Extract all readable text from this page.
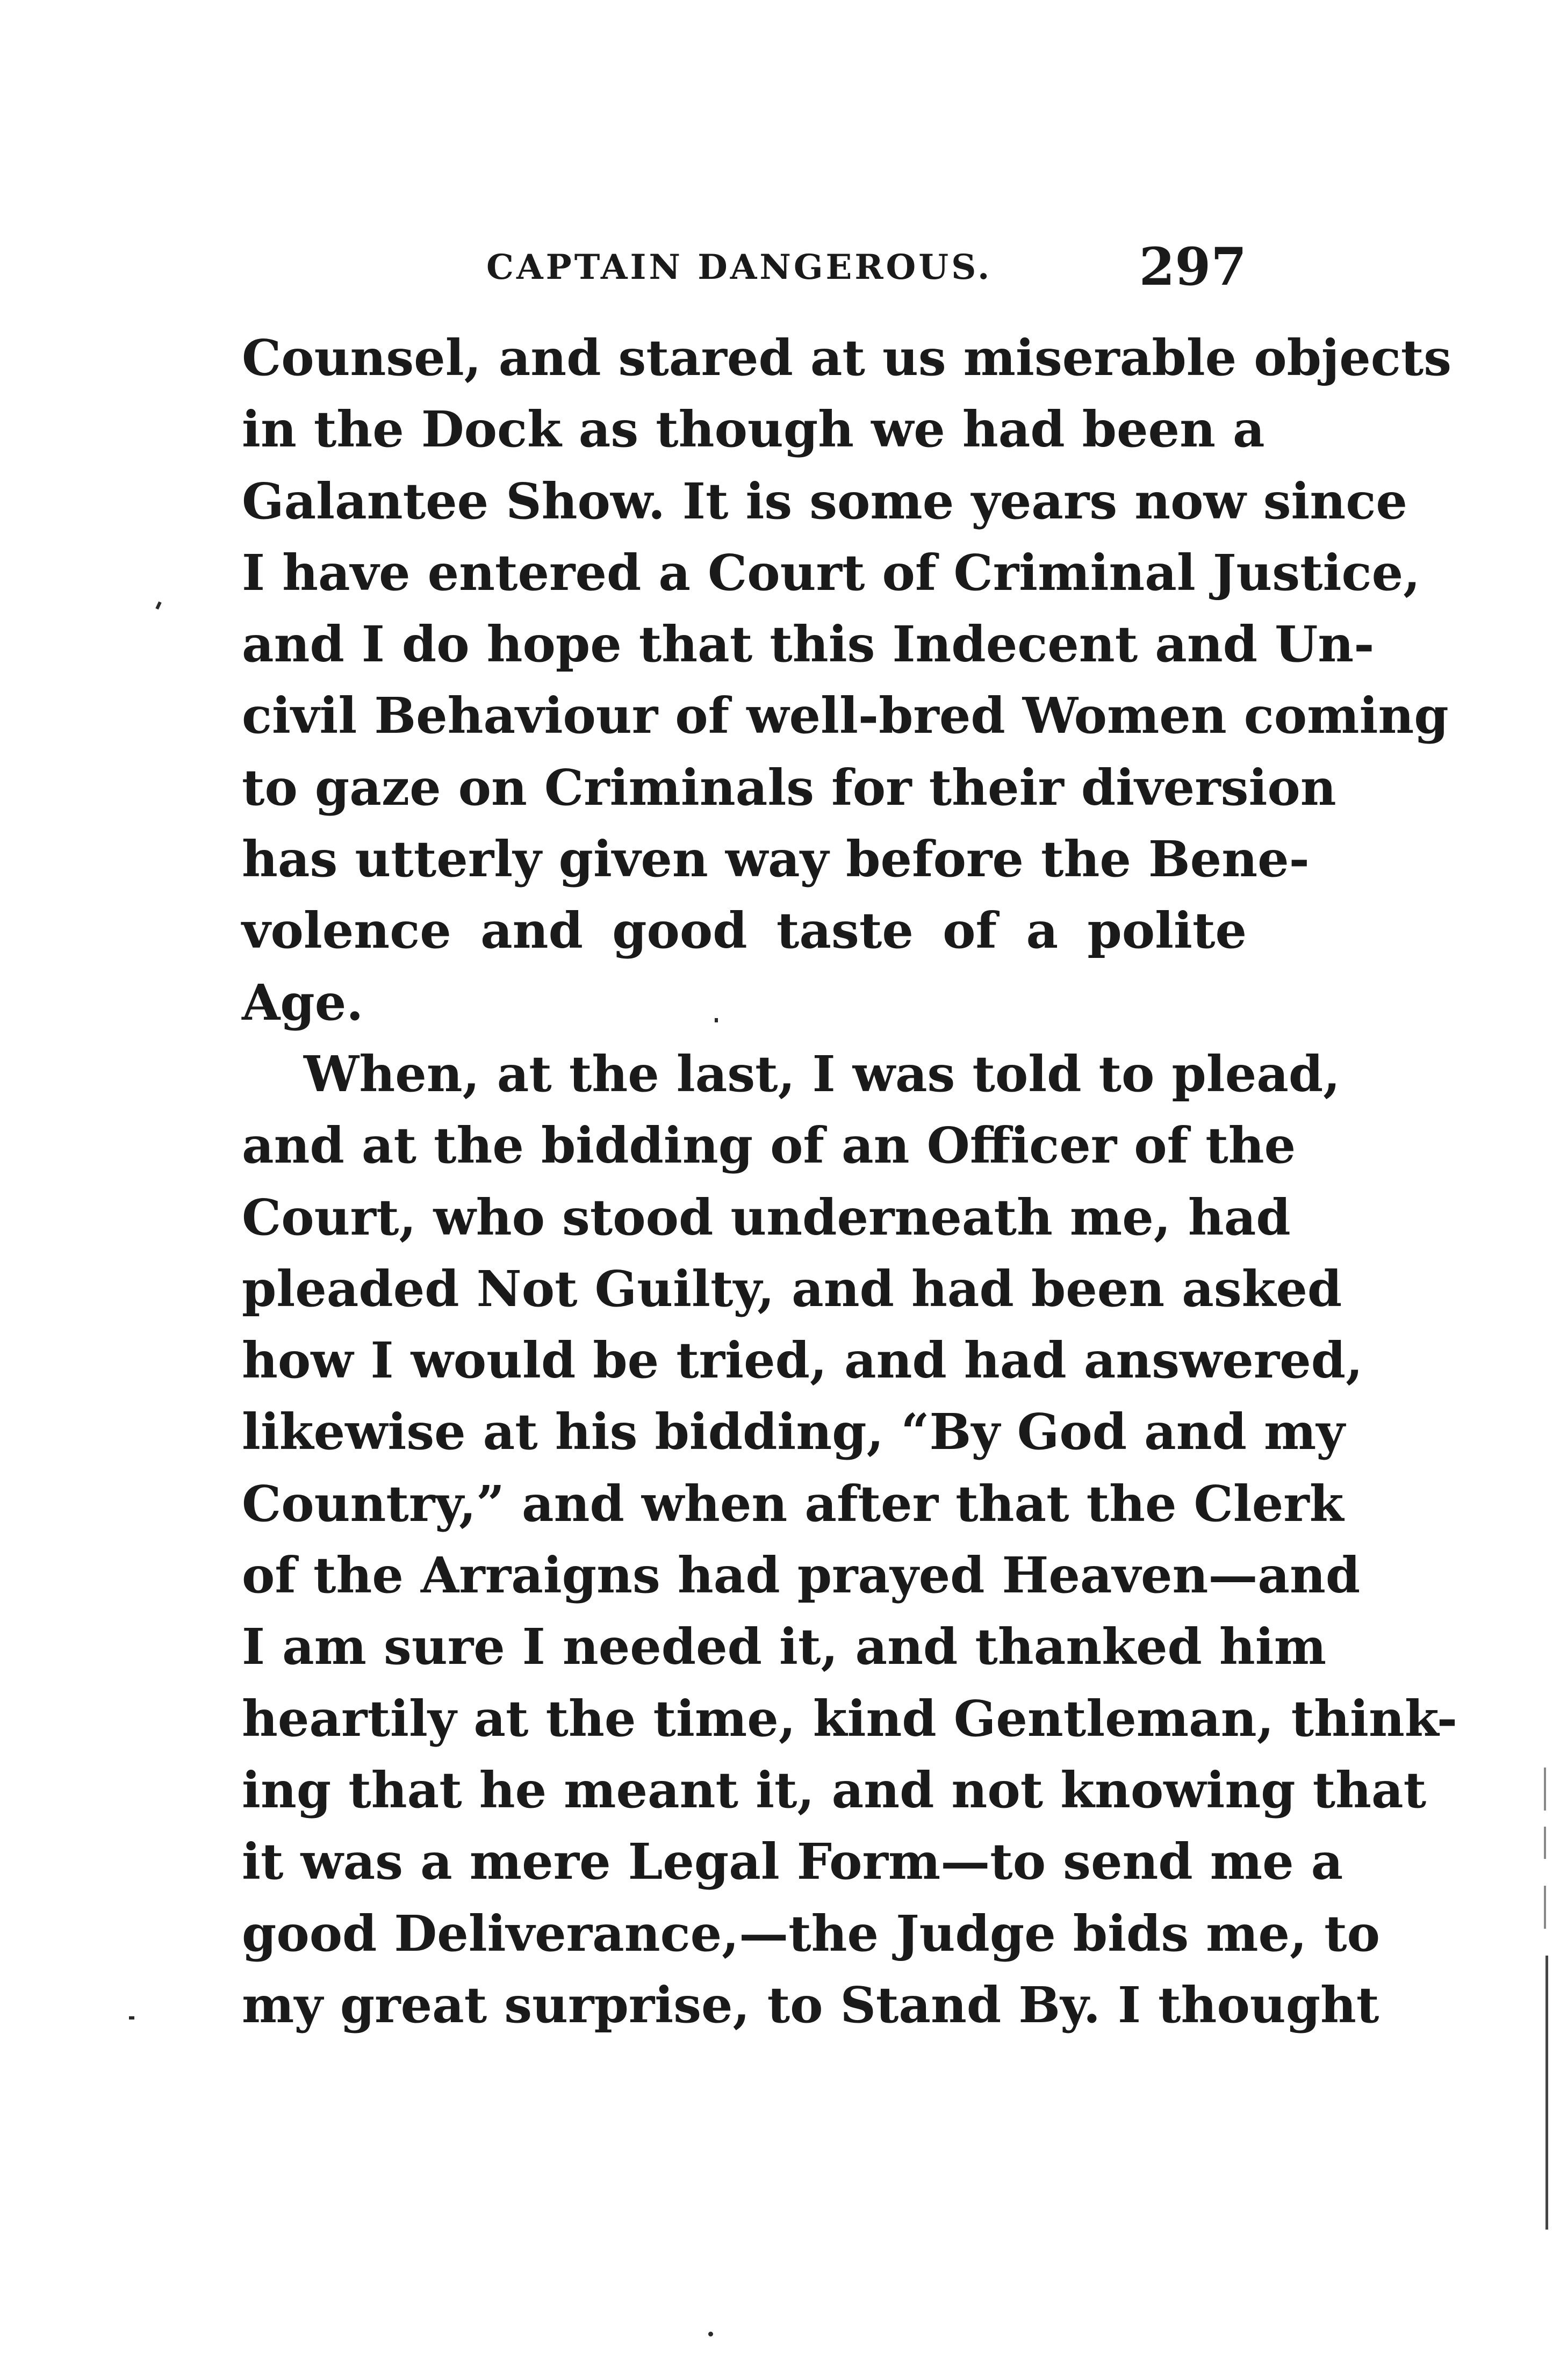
CAPTAIN DANGEROUS.	297
Counsel, and stared at us miserable objects
in the Dock as though we had been a
Galantee Show. It is some years now since
I have entered a Court of Criminal Justice,
and I do hope that this Indecent and Un-
civil Behaviour of well-bred Women coming
to gaze on Criminals for their diversion
has utterly given way before the Bene-
volence and good taste of a polite
Age.
When, at the last, I was told to plead,
and at the bidding of an Officer of the
Court, who stood underneath me, had
pleaded Not Guilty, and had been asked
how I would be tried, and had answered,
likewise at his bidding, “By God and my
Country,” and when after that the Clerk
of the Arraigns had prayed Heaven—and
I am sure I needed it, and thanked him
heartily at the time, kind Gentleman, think-
ing that he meant it, and not knowing that
it was a mere Legal Form—to send me a
good Deliverance,—the Judge bids me, to
my great surprise, to Stand By. I thought
